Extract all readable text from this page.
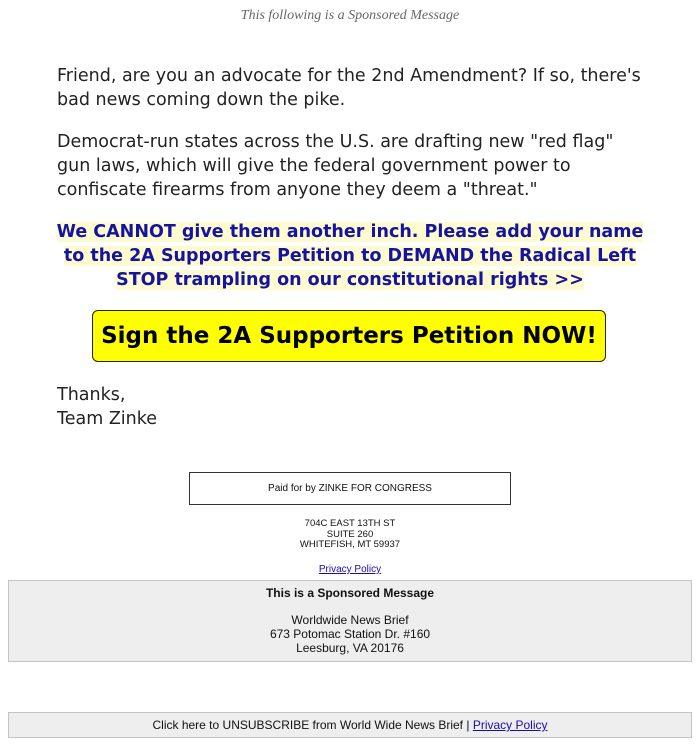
This following is a Sponsored Message

Friend, are you an advocate for the 2nd Amendment? If so, there's bad news coming down the pike.

Democrat-run states across the U.S. are drafting new "red flag" gun laws, which will give the federal government power to confiscate firearms from anyone they deem a "threat."

We CANNOT give them another inch. Please add your name to the 2A Supporters Petition to DEMAND the Radical Left STOP trampling on our constitutional rights >>
Sign the 2A Supporters Petition NOW!
Thanks,
Team Zinke
Paid for by ZINKE FOR CONGRESS
704C EAST 13TH ST
SUITE 260
WHITEFISH, MT 59937
Privacy Policy
This is a Sponsored Message
Worldwide News Brief
673 Potomac Station Dr. #160
Leesburg, VA 20176
Click here to UNSUBSCRIBE from World Wide News Brief |
Privacy Policy
